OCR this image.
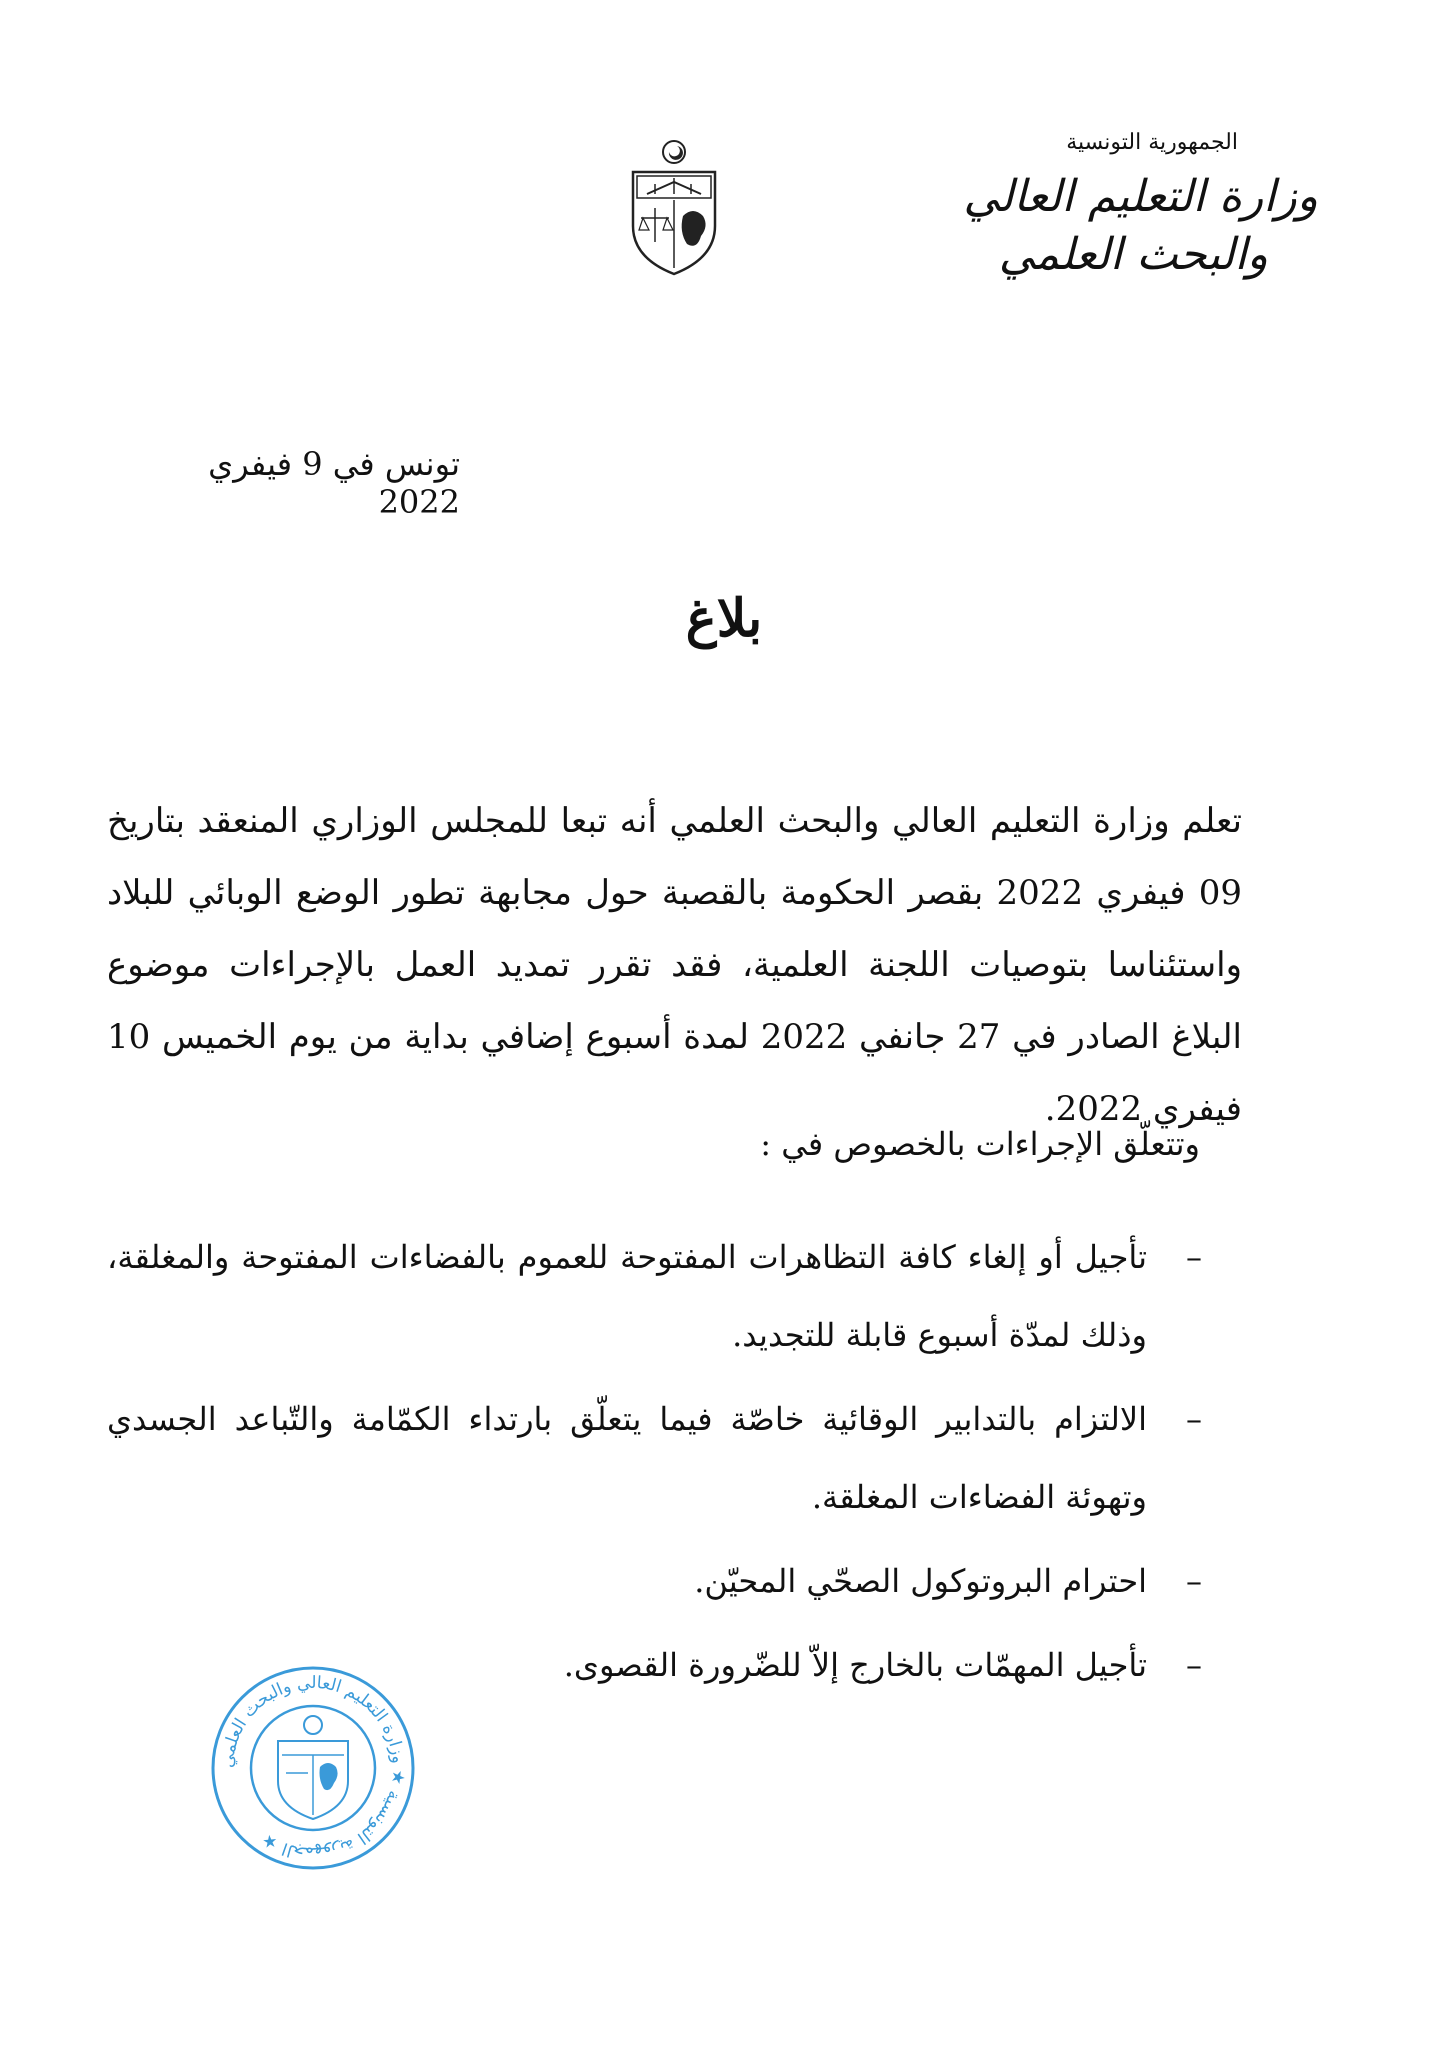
الجمهورية التونسية
وزارة التعليم العالي
والبحث العلمي
تونس في 9 فيفري 2022
بلاغ
تعلم وزارة التعليم العالي والبحث العلمي أنه تبعا للمجلس الوزاري المنعقد بتاريخ 09 فيفري 2022 بقصر الحكومة بالقصبة حول مجابهة تطور الوضع الوبائي للبلاد واستئناسا بتوصيات اللجنة العلمية، فقد تقرر تمديد العمل بالإجراءات موضوع البلاغ الصادر في 27 جانفي 2022 لمدة أسبوع إضافي بداية من يوم الخميس 10 فيفري 2022.
وتتعلّق الإجراءات بالخصوص في :
–
تأجيل أو إلغاء كافة التظاهرات المفتوحة للعموم بالفضاءات المفتوحة والمغلقة، وذلك لمدّة أسبوع قابلة للتجديد.
–
الالتزام بالتدابير الوقائية خاصّة فيما يتعلّق بارتداء الكمّامة والتّباعد الجسدي وتهوئة الفضاءات المغلقة.
–
احترام البروتوكول الصحّي المحيّن.
–
تأجيل المهمّات بالخارج إلاّ للضّرورة القصوى.
الجمهورية التونسية ★ وزارة التعليم العالي والبحث العلمي ★
